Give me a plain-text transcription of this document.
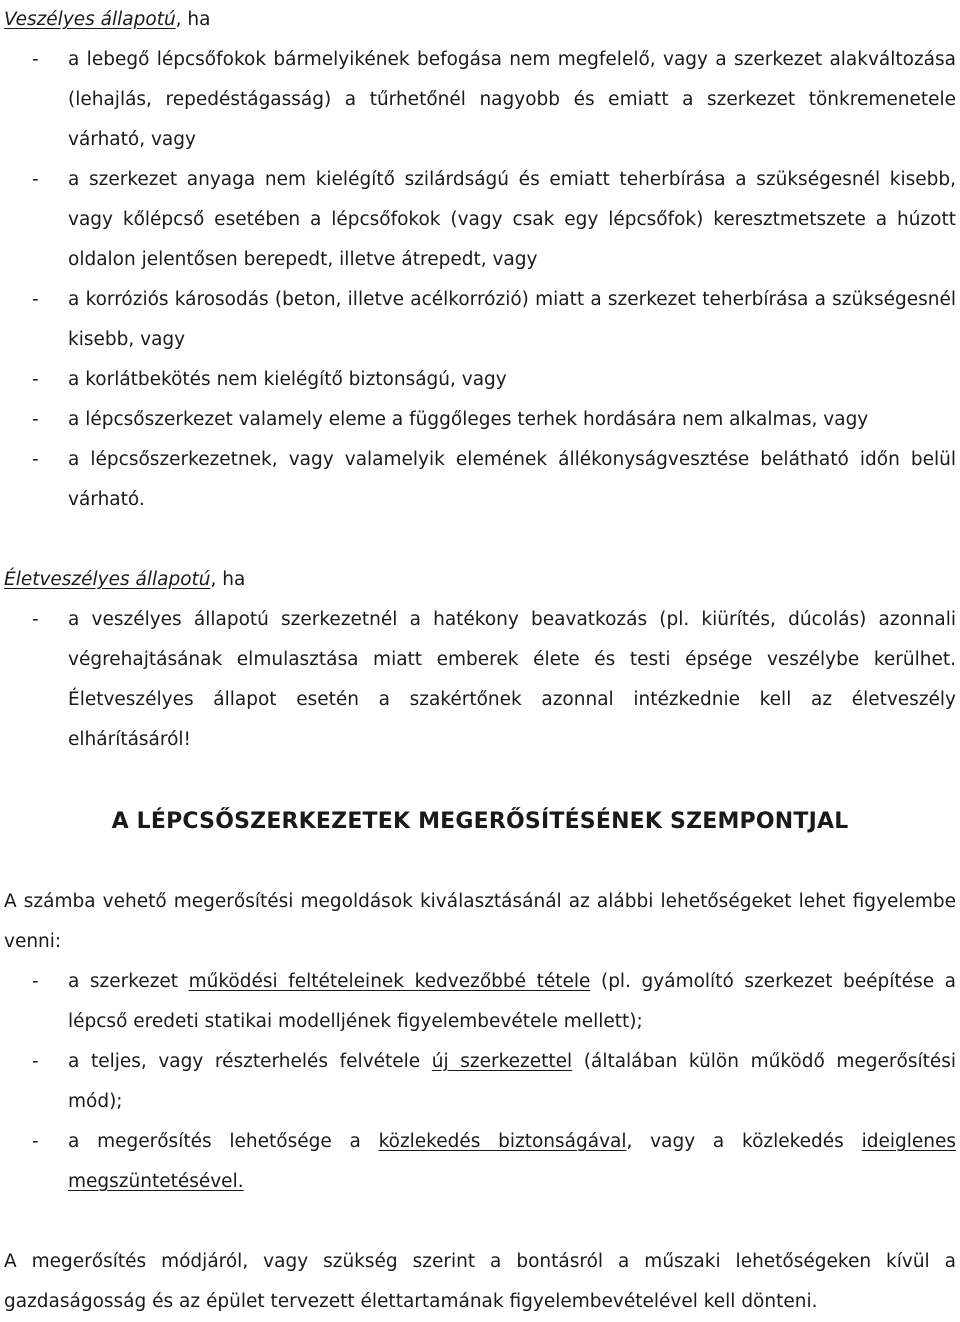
Veszélyes állapotú, ha

- a lebegő lépcsőfokok bármelyikének befogása nem megfelelő, vagy a szerkezet alakváltozása (lehajlás, repedéstágasság) a tűrhetőnél nagyobb és emiatt a szerkezet tönkremenetele várható, vagy
- a szerkezet anyaga nem kielégítő szilárdságú és emiatt teherbírása a szükségesnél kisebb, vagy kőlépcső esetében a lépcsőfokok (vagy csak egy lépcsőfok) keresztmetszete a húzott oldalon jelentősen berepedt, illetve átrepedt, vagy
- a korróziós károsodás (beton, illetve acélkorrózió) miatt a szerkezet teherbírása a szükségesnél kisebb, vagy
- a korlátbekötés nem kielégítő biztonságú, vagy
- a lépcsőszerkezet valamely eleme a függőleges terhek hordására nem alkalmas, vagy
- a lépcsőszerkezetnek, vagy valamelyik elemének állékonyságvesztése belátható időn belül várható.

Életveszélyes állapotú, ha

- a veszélyes állapotú szerkezetnél a hatékony beavatkozás (pl. kiürítés, dúcolás) azonnali végrehajtásának elmulasztása miatt emberek élete és testi épsége veszélybe kerülhet. Életveszélyes állapot esetén a szakértőnek azonnal intézkednie kell az életveszély elhárításáról!
A LÉPCSŐSZERKEZETEK MEGERŐSÍTÉSÉNEK SZEMPONTJAL

A számba vehető megerősítési megoldások kiválasztásánál az alábbi lehetőségeket lehet figyelembe venni:

- a szerkezet működési feltételeinek kedvezőbbé tétele (pl. gyámolító szerkezet beépítése a lépcső eredeti statikai modelljének figyelembevétele mellett);
- a teljes, vagy részterhelés felvétele új szerkezettel (általában külön működő megerősítési mód);
- a megerősítés lehetősége a közlekedés biztonságával, vagy a közlekedés ideiglenes megszüntetésével.

A megerősítés módjáról, vagy szükség szerint a bontásról a műszaki lehetőségeken kívül a gazdaságosság és az épület tervezett élettartamának figyelembevételével kell dönteni.
